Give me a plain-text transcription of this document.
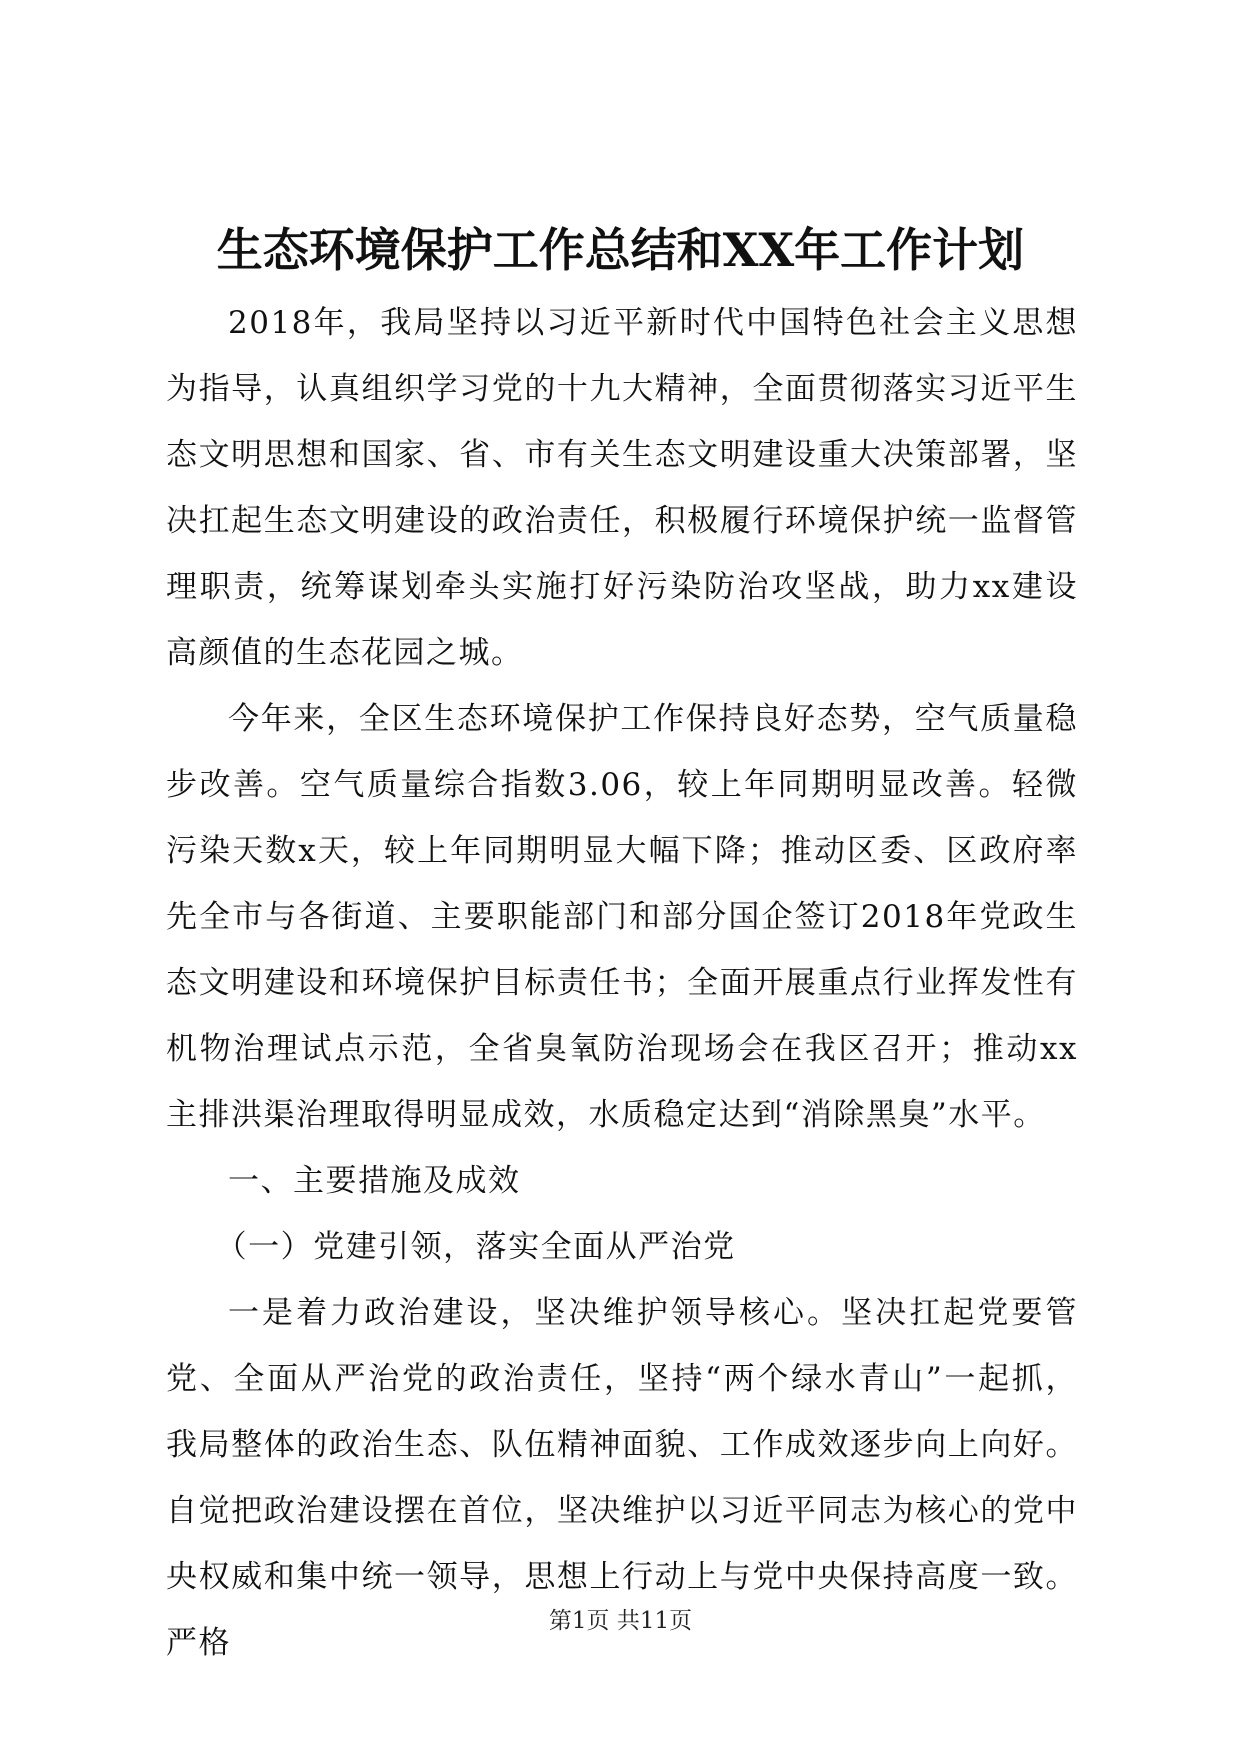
生态环境保护工作总结和XX年工作计划

2018年，我局坚持以习近平新时代中国特色社会主义思想为指导，认真组织学习党的十九大精神，全面贯彻落实习近平生态文明思想和国家、省、市有关生态文明建设重大决策部署，坚决扛起生态文明建设的政治责任，积极履行环境保护统一监督管理职责，统筹谋划牵头实施打好污染防治攻坚战，助力xx建设高颜值的生态花园之城。

今年来，全区生态环境保护工作保持良好态势，空气质量稳步改善。空气质量综合指数3.06，较上年同期明显改善。轻微污染天数x天，较上年同期明显大幅下降；推动区委、区政府率先全市与各街道、主要职能部门和部分国企签订2018年党政生态文明建设和环境保护目标责任书；全面开展重点行业挥发性有机物治理试点示范，全省臭氧防治现场会在我区召开；推动xx主排洪渠治理取得明显成效，水质稳定达到“消除黑臭”水平。

一、主要措施及成效

（一）党建引领，落实全面从严治党

一是着力政治建设，坚决维护领导核心。坚决扛起党要管党、全面从严治党的政治责任，坚持“两个绿水青山”一起抓，我局整体的政治生态、队伍精神面貌、工作成效逐步向上向好。自觉把政治建设摆在首位，坚决维护以习近平同志为核心的党中央权威和集中统一领导，思想上行动上与党中央保持高度一致。严格

第1页 共11页
